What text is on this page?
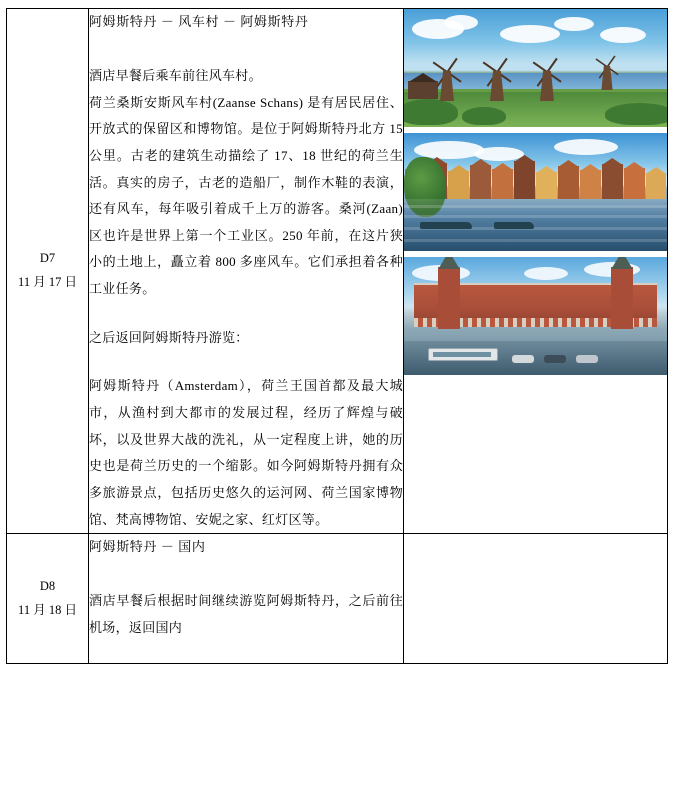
D7
11 月 17 日

阿姆斯特丹 － 风车村 － 阿姆斯特丹

酒店早餐后乘车前往风车村。

荷兰桑斯安斯风车村(Zaanse Schans) 是有居民居住、开放式的保留区和博物馆。是位于阿姆斯特丹北方 15 公里。古老的建筑生动描绘了 17、18 世纪的荷兰生活。真实的房子，古老的造船厂，制作木鞋的表演，还有风车，每年吸引着成千上万的游客。桑河(Zaan)区也许是世界上第一个工业区。250 年前，在这片狭小的土地上，矗立着 800 多座风车。它们承担着各种工业任务。

之后返回阿姆斯特丹游览：

阿姆斯特丹（Amsterdam），荷兰王国首都及最大城市，从渔村到大都市的发展过程，经历了辉煌与破坏，以及世界大战的洗礼，从一定程度上讲，她的历史也是荷兰历史的一个缩影。如今阿姆斯特丹拥有众多旅游景点，包括历史悠久的运河网、荷兰国家博物馆、梵高博物馆、安妮之家、红灯区等。

D8
11 月 18 日

阿姆斯特丹 － 国内

酒店早餐后根据时间继续游览阿姆斯特丹，之后前往机场，返回国内
